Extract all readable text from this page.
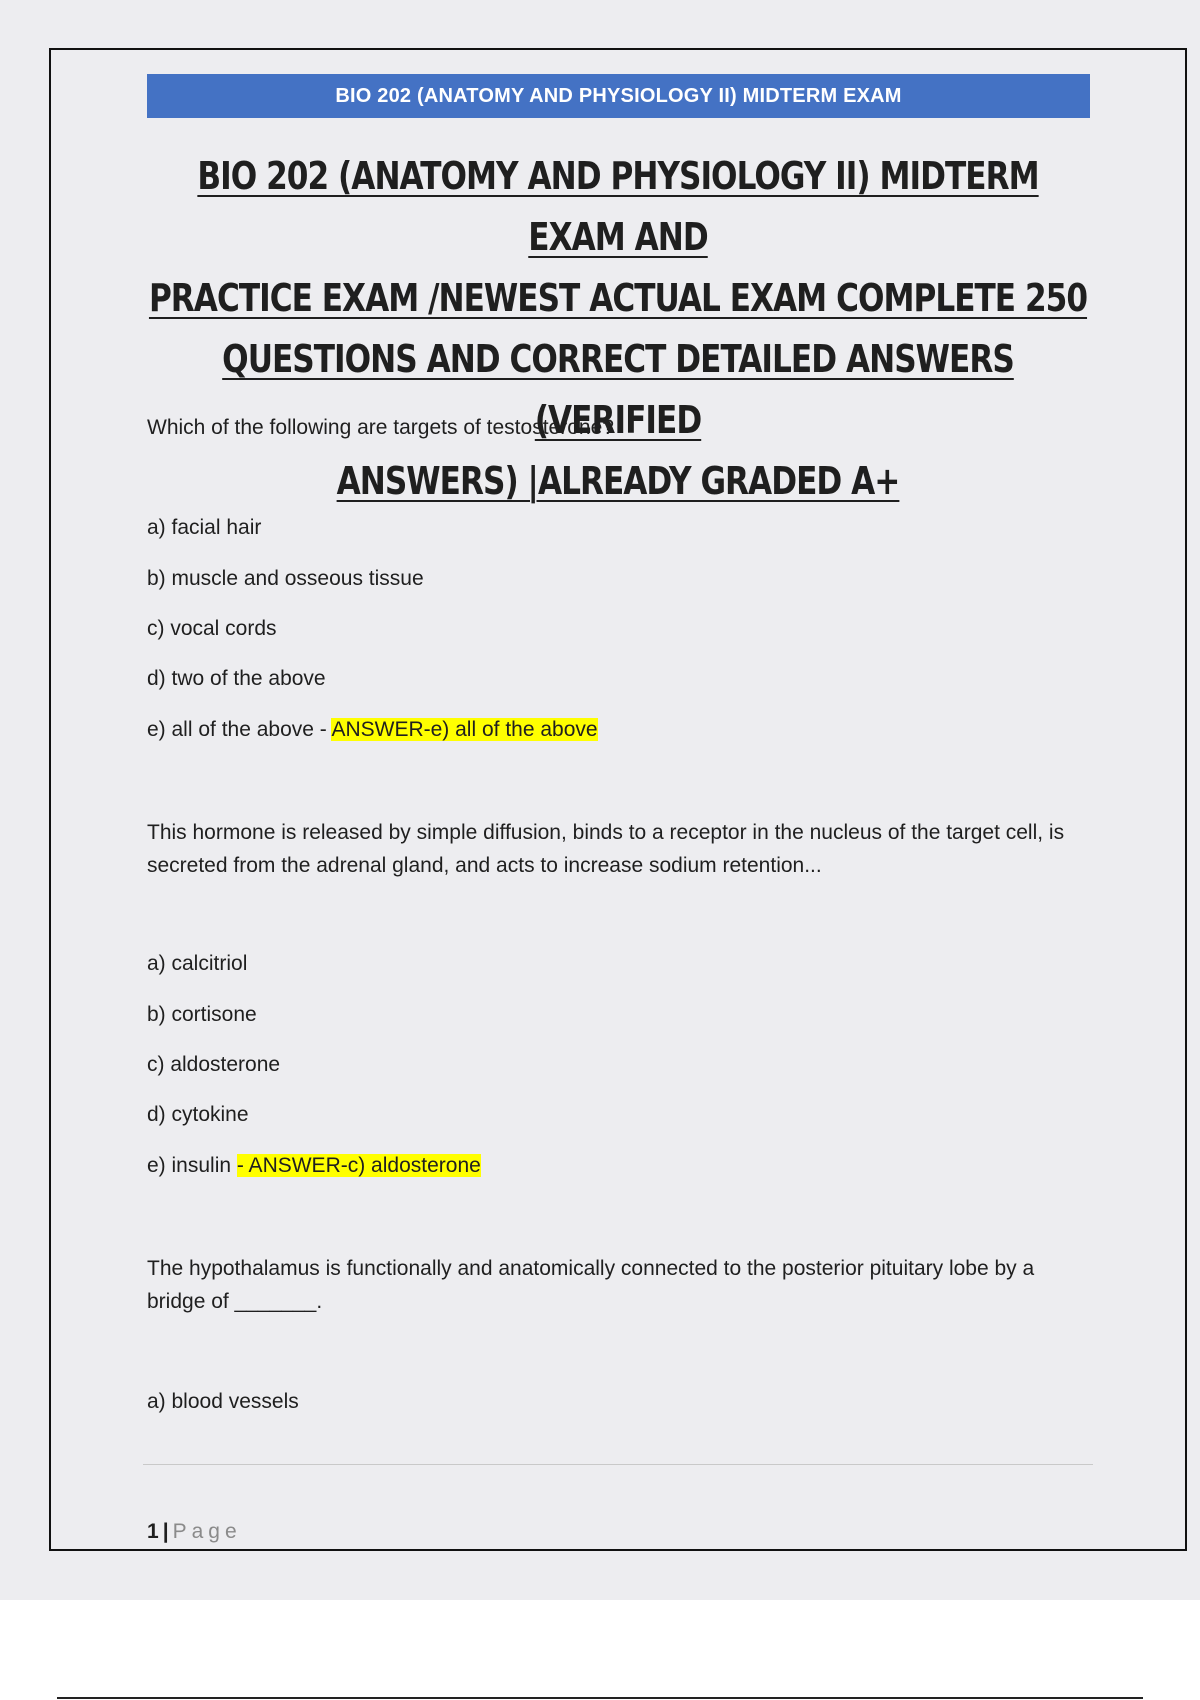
BIO 202 (ANATOMY AND PHYSIOLOGY II) MIDTERM EXAM
BIO 202 (ANATOMY AND PHYSIOLOGY II) MIDTERM EXAM AND
PRACTICE EXAM /NEWEST ACTUAL EXAM COMPLETE 250
QUESTIONS AND CORRECT DETAILED ANSWERS (VERIFIED
ANSWERS) |ALREADY GRADED A+
Which of the following are targets of testosterone?
a) facial hair
b) muscle and osseous tissue
c) vocal cords
d) two of the above
e) all of the above - ANSWER-e) all of the above
This hormone is released by simple diffusion, binds to a receptor in the nucleus of the target cell, is secreted from the adrenal gland, and acts to increase sodium retention...
a) calcitriol
b) cortisone
c) aldosterone
d) cytokine
e) insulin - ANSWER-c) aldosterone
The hypothalamus is functionally and anatomically connected to the posterior pituitary lobe by a bridge of _______.
a) blood vessels
1 | Page
